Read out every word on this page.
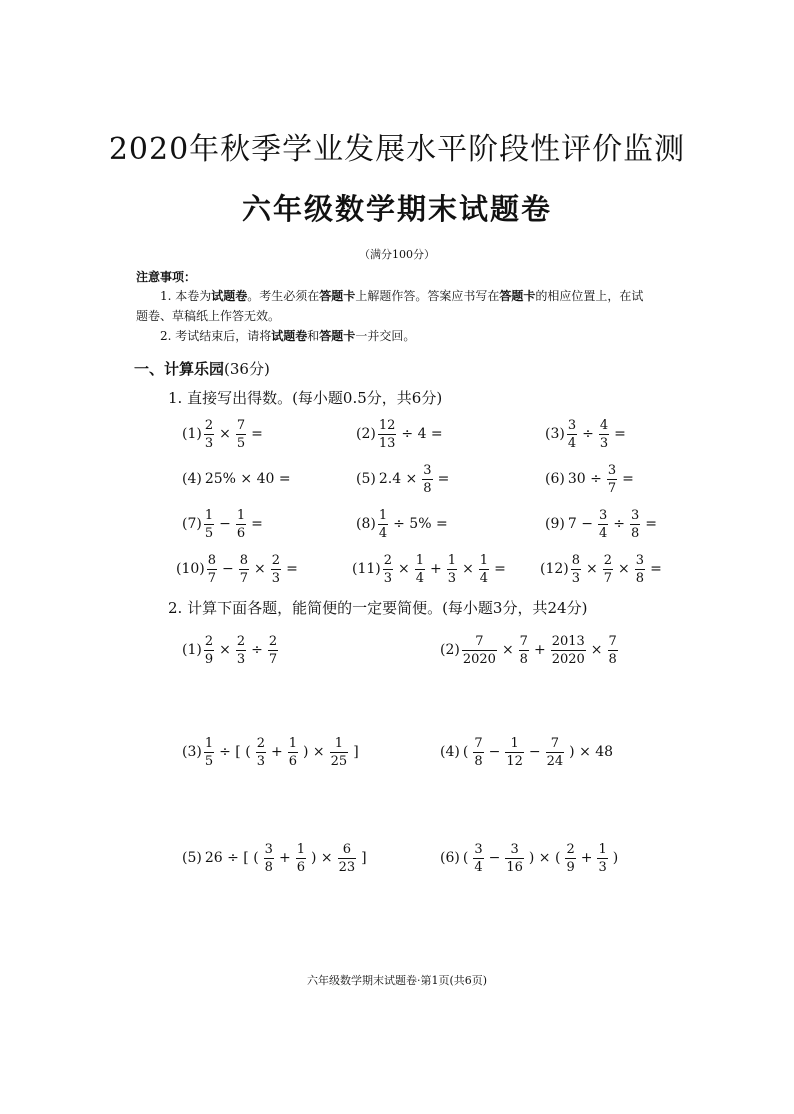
2020年秋季学业发展水平阶段性评价监测
六年级数学期末试题卷
（满分100分）
注意事项：
1. 本卷为试题卷。考生必须在答题卡上解题作答。答案应书写在答题卡的相应位置上，在试
题卷、草稿纸上作答无效。
2. 考试结束后，请将试题卷和答题卡一并交回。
一、计算乐园(36分)
1. 直接写出得数。(每小题0.5分，共6分)
$(1) \frac{2}{3} \times \frac{7}{5}$ =	$(2) \frac{12}{13} \div 4$ =	$(3) \frac{3}{4} \div \frac{4}{3}$ =
(4) 25% × 40 =	(5) $2.4 \times \frac{3}{8}$ =	(6) $30 \div \frac{3}{7}$ =
$(7) \frac{1}{5} - \frac{1}{6}$ =	$(8) \frac{1}{4} \div 5\%$ =	(9) $7 - \frac{3}{4} \div \frac{3}{8}$ =
$(10) \frac{8}{7} - \frac{8}{7} \times \frac{2}{3}$ =	$(11) \frac{2}{3} \times \frac{1}{4} + \frac{1}{3} \times \frac{1}{4} = (12) \frac{8}{3} \times \frac{2}{7} \times \frac{3}{8}$ =
2. 计算下面各题，能简便的一定要简便。(每小题3分，共24分)
$(1) \frac{2}{9} \times \frac{2}{3} \div \frac{2}{7}$	$(2) \frac{7}{2020} \times \frac{7}{8} + \frac{2013}{2020} \times \frac{7}{8}$
$(3) \frac{1}{5}$ ÷ [ ( $\frac{2}{3} + \frac{1}{6}$ ) × $\frac{1}{25}$ ]	(4) ( $\frac{7}{8} - \frac{1}{12} - \frac{7}{24}$ ) × 48
(5) 26 ÷ [ ( $\frac{3}{8} + \frac{1}{6}$ ) × $\frac{6}{23}$ ]	(6) ( $\frac{3}{4} - \frac{3}{16}$ ) × ( $\frac{2}{9} + \frac{1}{3}$ )
六年级数学期末试题卷·第1页(共6页)
